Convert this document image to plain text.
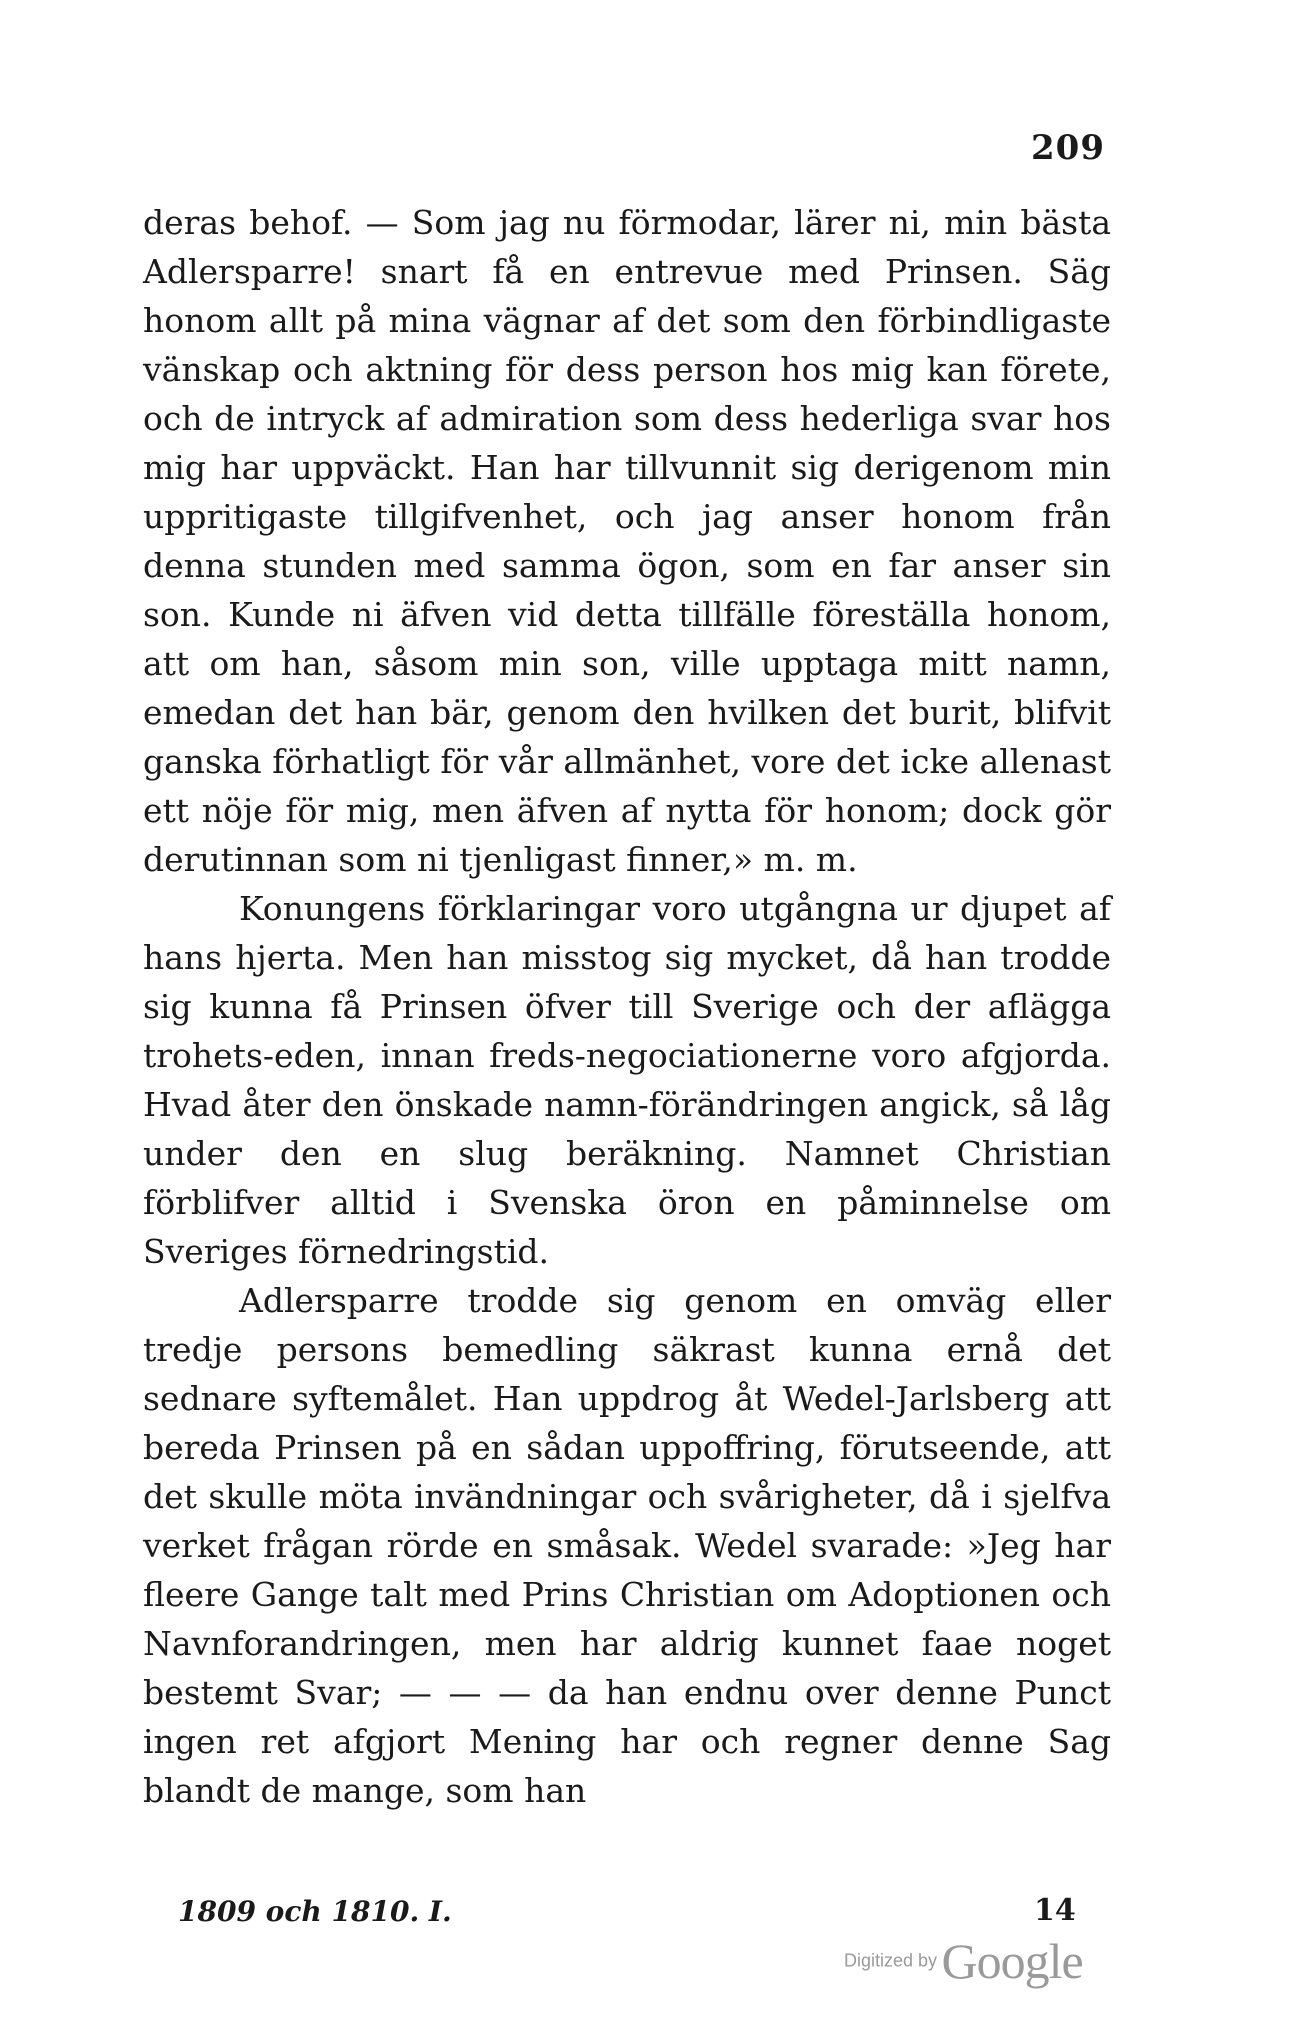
209

deras behof. — Som jag nu förmodar, lärer ni, min bästa Adlersparre! snart få en entrevue med Prinsen. Säg honom allt på mina vägnar af det som den förbindligaste vänskap och aktning för dess person hos mig kan förete, och de intryck af admiration som dess hederliga svar hos mig har uppväckt. Han har tillvunnit sig derigenom min uppritigaste tillgifvenhet, och jag anser honom från denna stunden med samma ögon, som en far anser sin son. Kunde ni äfven vid detta tillfälle föreställa honom, att om han, såsom min son, ville upptaga mitt namn, emedan det han bär, genom den hvilken det burit, blifvit ganska förhatligt för vår allmänhet, vore det icke allenast ett nöje för mig, men äfven af nytta för honom; dock gör derutinnan som ni tjenligast finner,» m. m.

Konungens förklaringar voro utgångna ur djupet af hans hjerta. Men han misstog sig mycket, då han trodde sig kunna få Prinsen öfver till Sverige och der aflägga trohets-eden, innan freds-negociationerne voro afgjorda. Hvad åter den önskade namn-förändringen angick, så låg under den en slug beräkning. Namnet Christian förblifver alltid i Svenska öron en påminnelse om Sveriges förnedringstid.

Adlersparre trodde sig genom en omväg eller tredje persons bemedling säkrast kunna ernå det sednare syftemålet. Han uppdrog åt Wedel-Jarlsberg att bereda Prinsen på en sådan uppoffring, förutseende, att det skulle möta invändningar och svårigheter, då i sjelfva verket frågan rörde en småsak. Wedel svarade: »Jeg har fleere Gange talt med Prins Christian om Adoptionen och Navnforandringen, men har aldrig kunnet faae noget bestemt Svar; — — — da han endnu over denne Punct ingen ret afgjort Mening har och regner denne Sag blandt de mange, som han

1809 och 1810. I.	14
Digitized by Google
